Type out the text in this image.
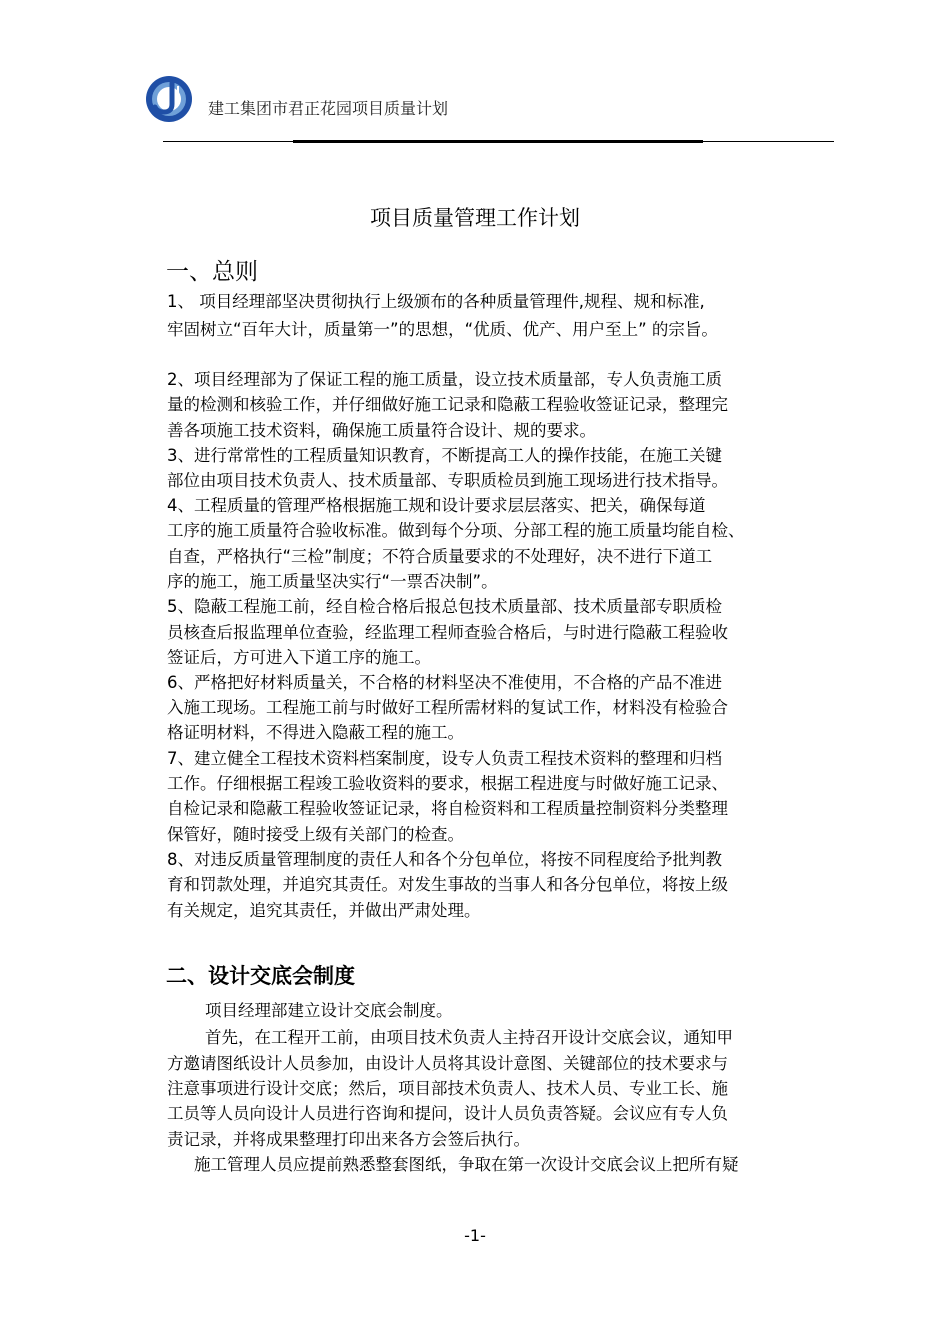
建工集团市君正花园项目质量计划
项目质量管理工作计划
一、总则
1、 项目经理部坚决贯彻执行上级颁布的各种质量管理件,规程、规和标准,
牢固树立“百年大计，质量第一”的思想，“优质、优产、用户至上” 的宗旨。
2、项目经理部为了保证工程的施工质量，设立技术质量部，专人负责施工质
量的检测和核验工作，并仔细做好施工记录和隐蔽工程验收签证记录，整理完
善各项施工技术资料，确保施工质量符合设计、规的要求。
3、进行常常性的工程质量知识教育，不断提高工人的操作技能，在施工关键
部位由项目技术负责人、技术质量部、专职质检员到施工现场进行技术指导。
4、工程质量的管理严格根据施工规和设计要求层层落实、把关，确保每道
工序的施工质量符合验收标准。做到每个分项、分部工程的施工质量均能自检、
自查，严格执行“三检”制度；不符合质量要求的不处理好，决不进行下道工
序的施工，施工质量坚决实行“一票否决制”。
5、隐蔽工程施工前，经自检合格后报总包技术质量部、技术质量部专职质检
员核查后报监理单位查验，经监理工程师查验合格后，与时进行隐蔽工程验收
签证后，方可进入下道工序的施工。
6、严格把好材料质量关，不合格的材料坚决不准使用，不合格的产品不准进
入施工现场。工程施工前与时做好工程所需材料的复试工作，材料没有检验合
格证明材料，不得进入隐蔽工程的施工。
7、建立健全工程技术资料档案制度，设专人负责工程技术资料的整理和归档
工作。仔细根据工程竣工验收资料的要求，根据工程进度与时做好施工记录、
自检记录和隐蔽工程验收签证记录，将自检资料和工程质量控制资料分类整理
保管好，随时接受上级有关部门的检查。
8、对违反质量管理制度的责任人和各个分包单位，将按不同程度给予批判教
育和罚款处理，并追究其责任。对发生事故的当事人和各分包单位，将按上级
有关规定，追究其责任，并做出严肃处理。
二、设计交底会制度
项目经理部建立设计交底会制度。
首先，在工程开工前，由项目技术负责人主持召开设计交底会议，通知甲
方邀请图纸设计人员参加，由设计人员将其设计意图、关键部位的技术要求与
注意事项进行设计交底；然后，项目部技术负责人、技术人员、专业工长、施
工员等人员向设计人员进行咨询和提问，设计人员负责答疑。会议应有专人负
责记录，并将成果整理打印出来各方会签后执行。
施工管理人员应提前熟悉整套图纸，争取在第一次设计交底会议上把所有疑
-1-
